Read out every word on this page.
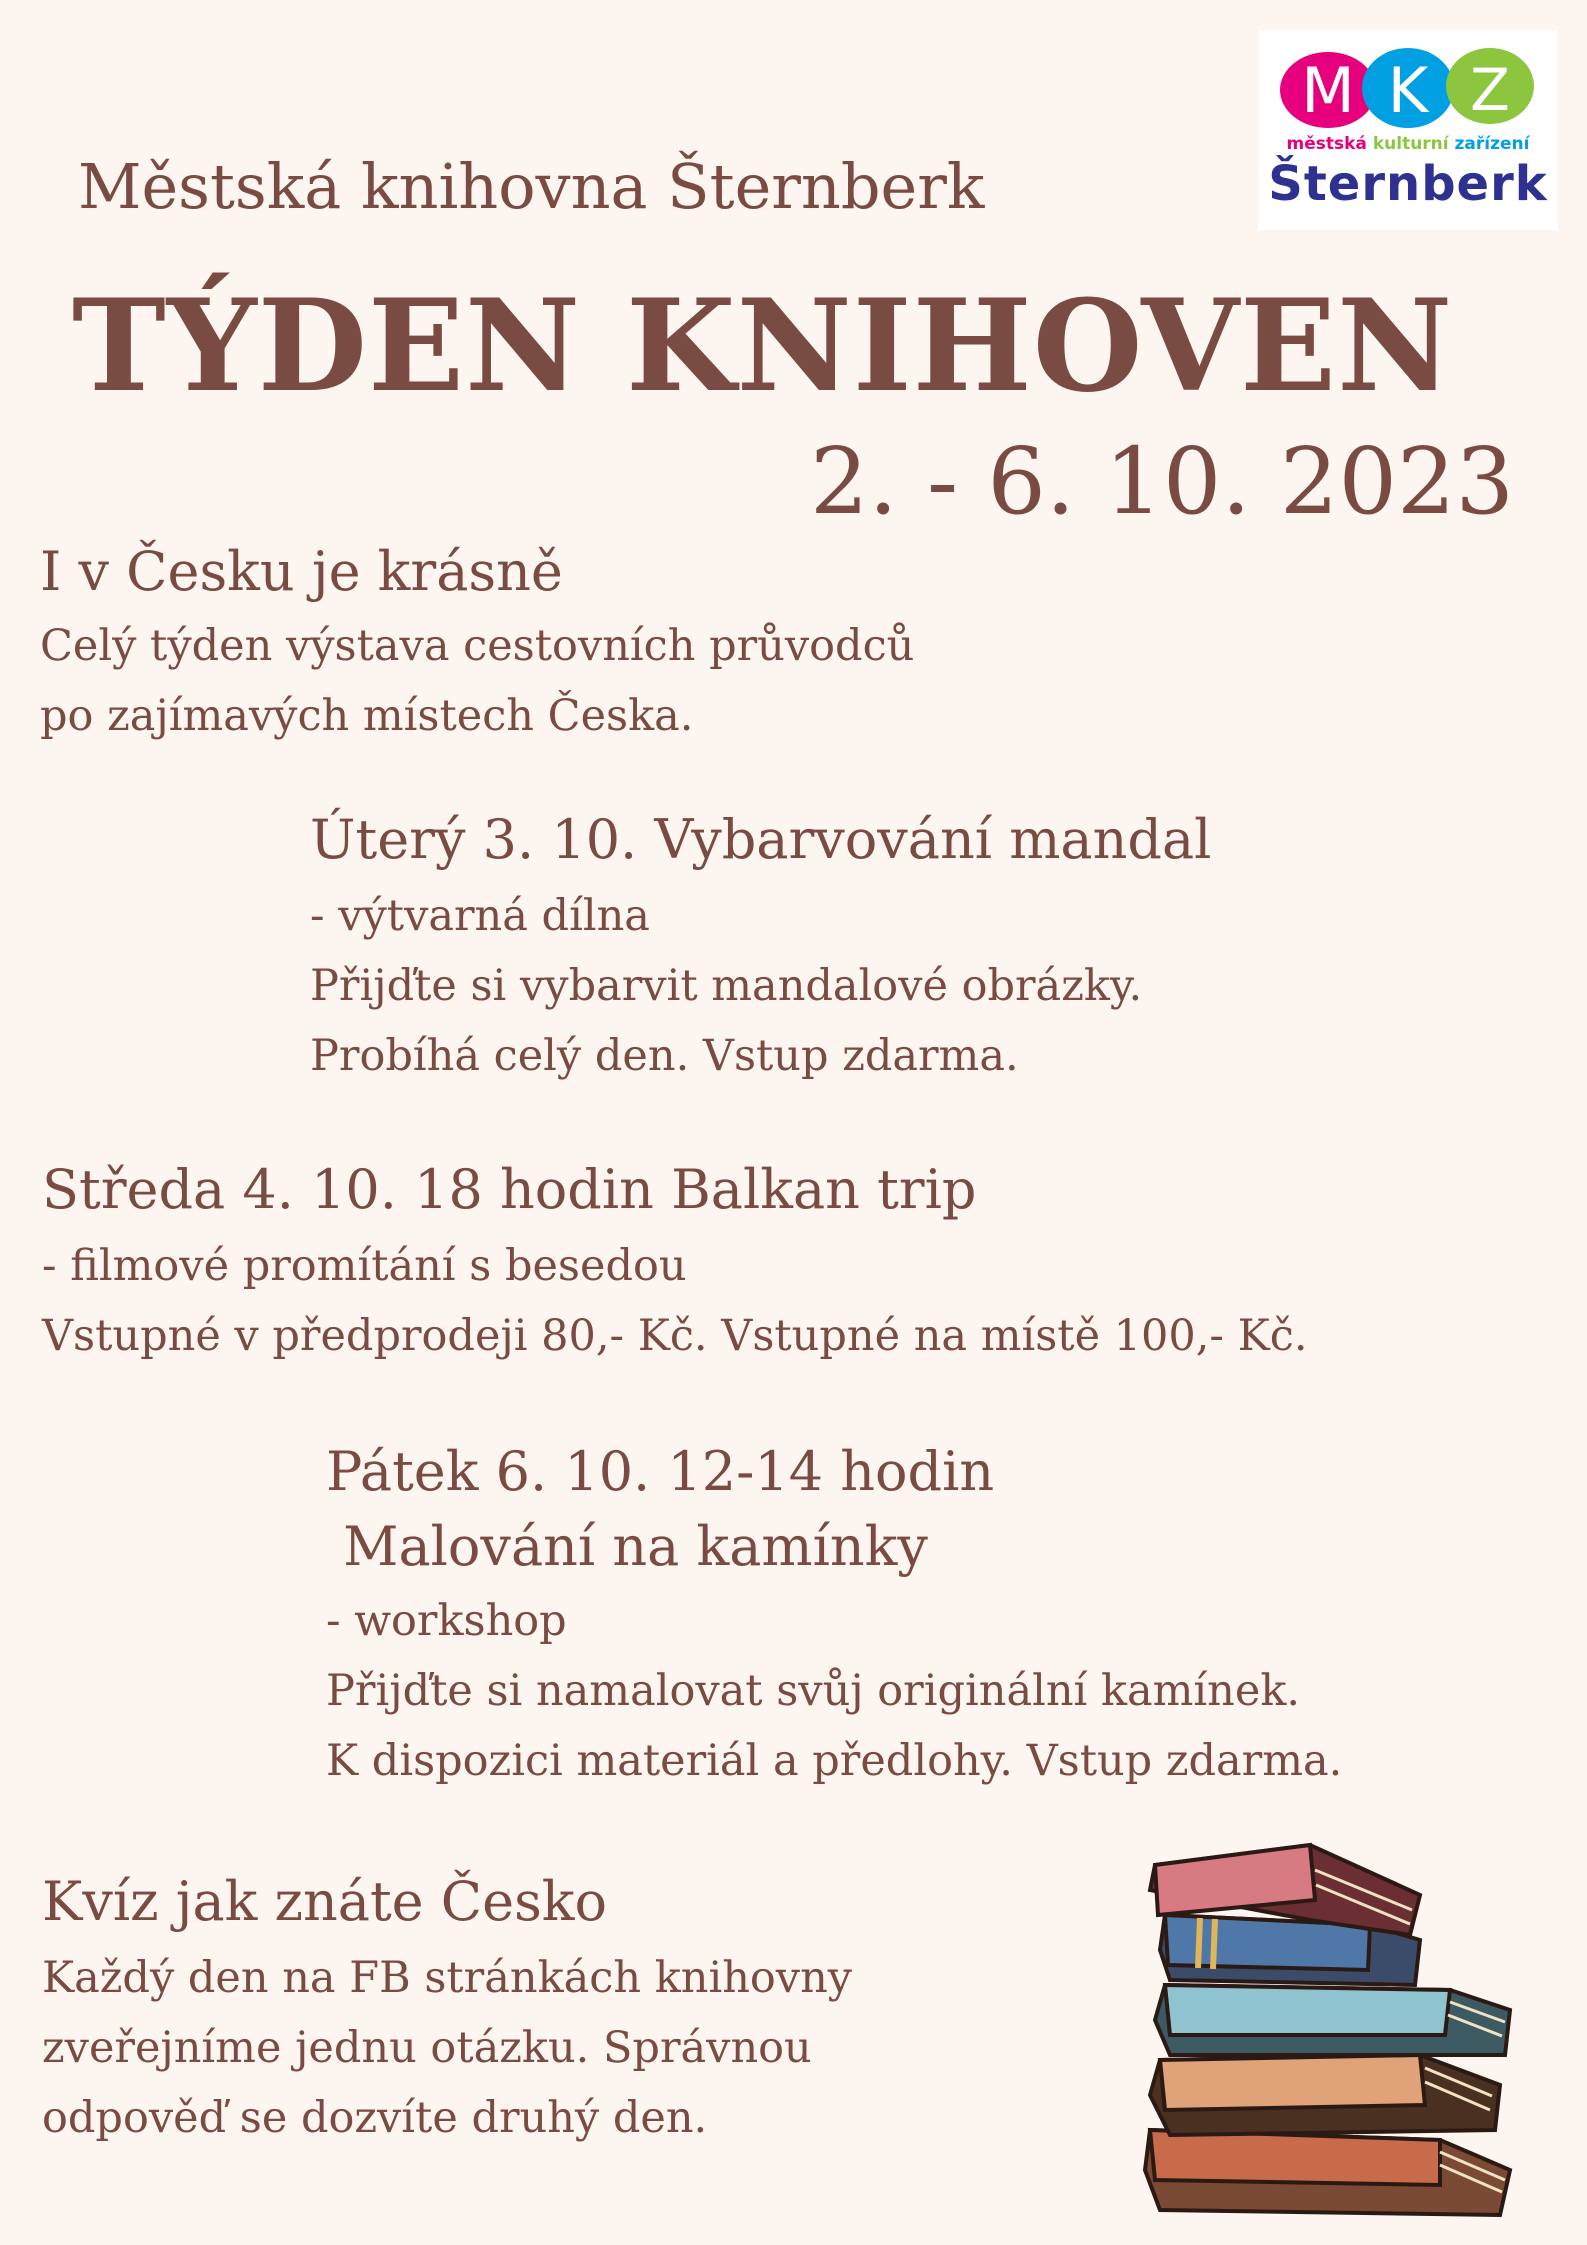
M K Z
městská kulturní zařízení
Šternberk
Městská knihovna Šternberk
TÝDEN KNIHOVEN
2. - 6. 10. 2023
I v Česku je krásně
Celý týden výstava cestovních průvodců
po zajímavých místech Česka.
Úterý 3. 10. Vybarvování mandal
- výtvarná dílna
Přijďte si vybarvit mandalové obrázky.
Probíhá celý den. Vstup zdarma.
Středa 4. 10. 18 hodin Balkan trip
- filmové promítání s besedou
Vstupné v předprodeji 80,- Kč. Vstupné na místě 100,- Kč.
Pátek 6. 10. 12-14 hodin
Malování na kamínky
- workshop
Přijďte si namalovat svůj originální kamínek.
K dispozici materiál a předlohy. Vstup zdarma.
Kvíz jak znáte Česko
Každý den na FB stránkách knihovny
zveřejníme jednu otázku. Správnou
odpověď se dozvíte druhý den.
